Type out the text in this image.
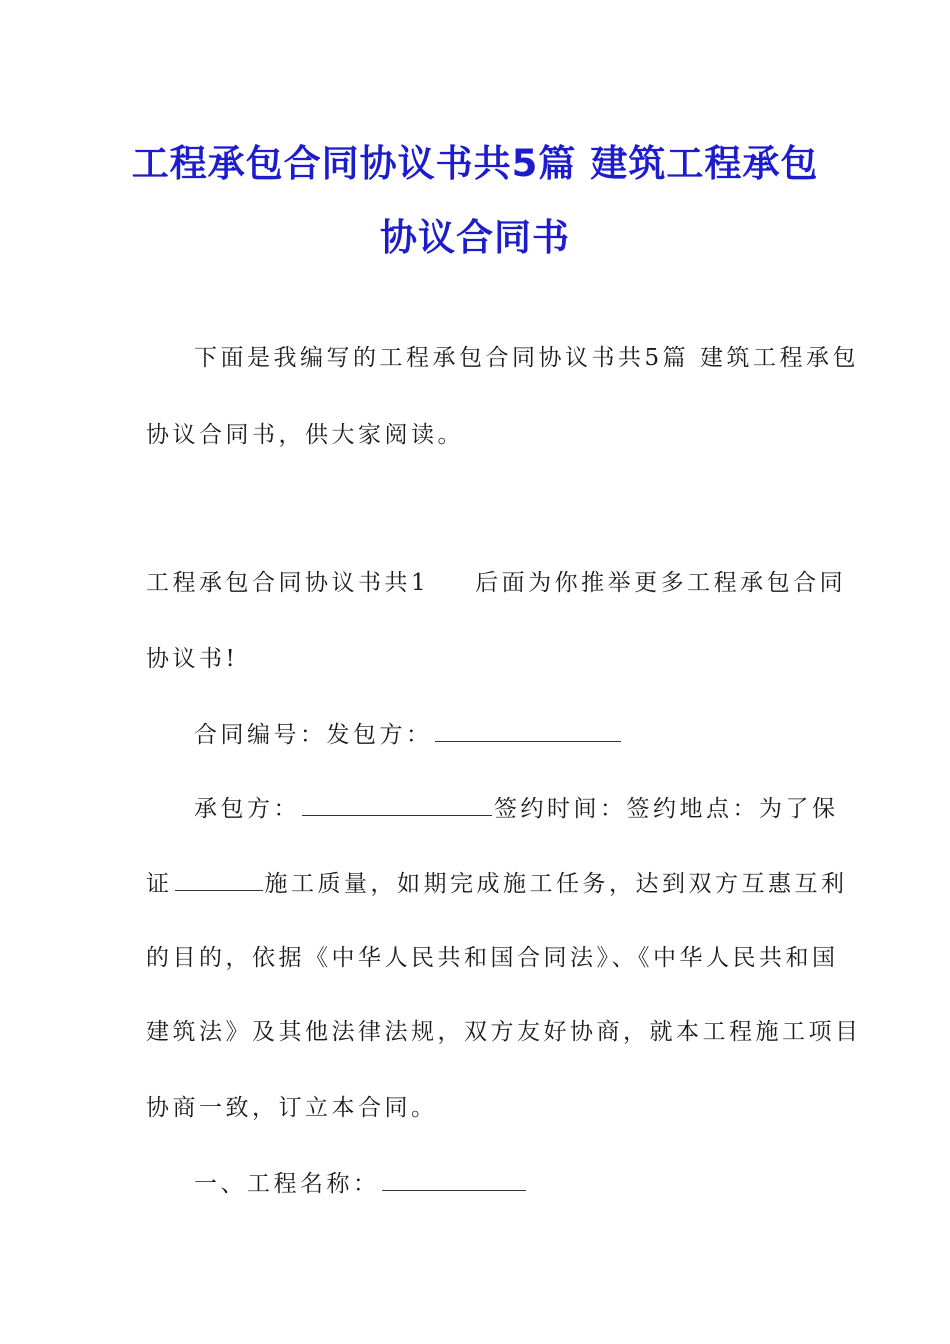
工程承包合同协议书共5篇 建筑工程承包
协议合同书
下面是我编写的工程承包合同协议书共5篇 建筑工程承包
协议合同书，供大家阅读。
工程承包合同协议书共1 后面为你推举更多工程承包合同
协议书!
合同编号：发包方：
承包方：	签约时间：签约地点：为了保
证	施工质量，如期完成施工任务，达到双方互惠互利
的目的，依据《中华人民共和国合同法》、《中华人民共和国
建筑法》及其他法律法规，双方友好协商，就本工程施工项目
协商一致，订立本合同。
一、工程名称：
